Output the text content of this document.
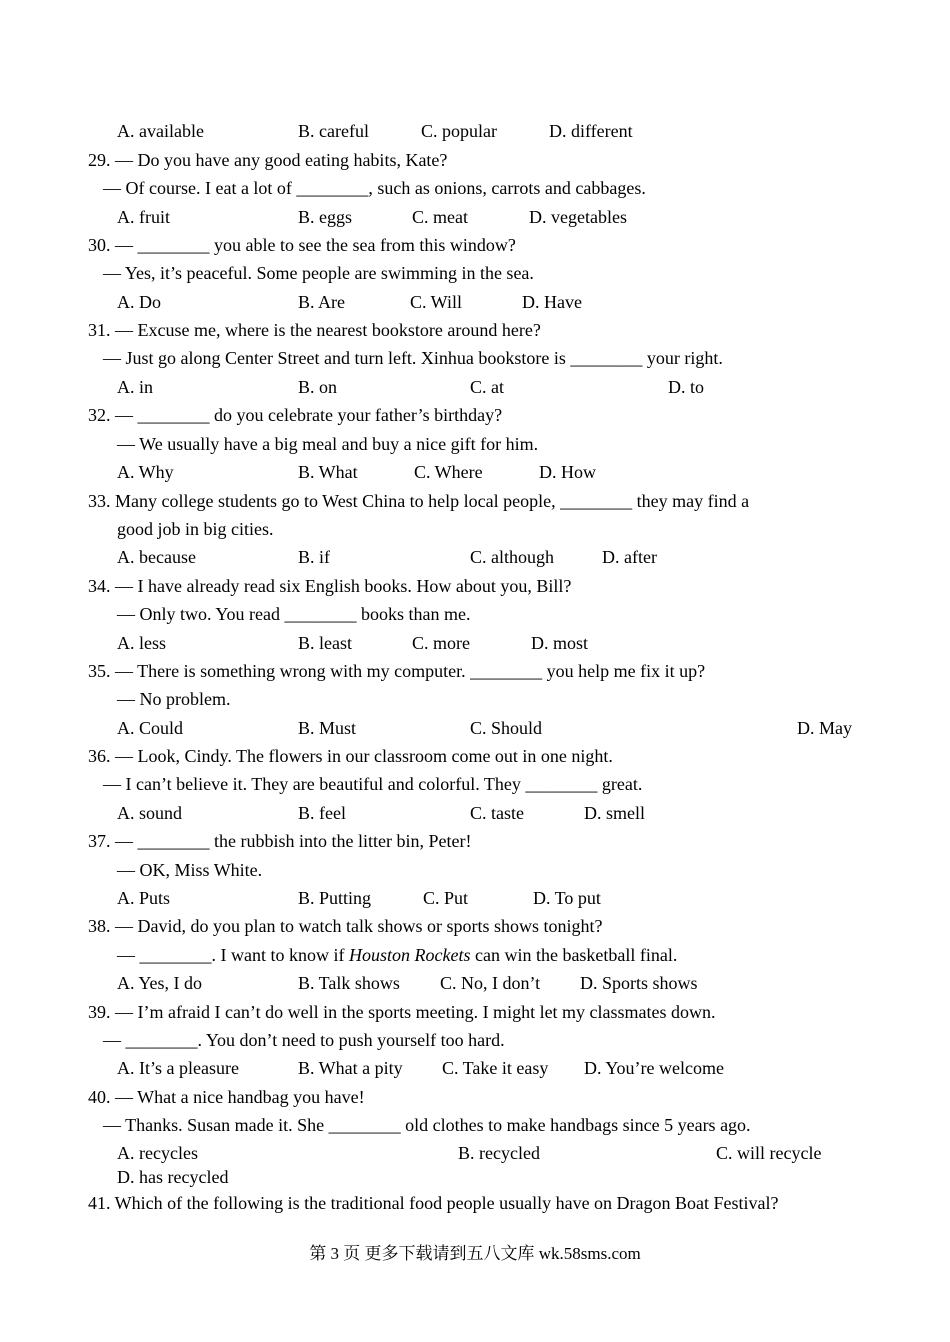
A. available	B. careful	C. popular	D. different
29. — Do you have any good eating habits, Kate?
— Of course. I eat a lot of ________, such as onions, carrots and cabbages.
A. fruit	B. eggs	C. meat	D. vegetables
30. — ________ you able to see the sea from this window?
— Yes, it’s peaceful. Some people are swimming in the sea.
A. Do	B. Are	C. Will	D. Have
31. — Excuse me, where is the nearest bookstore around here?
— Just go along Center Street and turn left. Xinhua bookstore is ________ your right.
A. in	B. on	C. at	D. to
32. — ________ do you celebrate your father’s birthday?
— We usually have a big meal and buy a nice gift for him.
A. Why	B. What	C. Where	D. How
33. Many college students go to West China to help local people, ________ they may find a
good job in big cities.
A. because	B. if	C. although	D. after
34. — I have already read six English books. How about you, Bill?
— Only two. You read ________ books than me.
A. less	B. least	C. more	D. most
35. — There is something wrong with my computer. ________ you help me fix it up?
— No problem.
A. Could	B. Must	C. Should	D. May
36. — Look, Cindy. The flowers in our classroom come out in one night.
— I can’t believe it. They are beautiful and colorful. They ________ great.
A. sound	B. feel	C. taste	D. smell
37. — ________ the rubbish into the litter bin, Peter!
— OK, Miss White.
A. Puts	B. Putting	C. Put	D. To put
38. — David, do you plan to watch talk shows or sports shows tonight?
— ________. I want to know if Houston Rockets can win the basketball final.
A. Yes, I do	B. Talk shows C. No, I don’t D. Sports shows
39. — I’m afraid I can’t do well in the sports meeting. I might let my classmates down.
— ________. You don’t need to push yourself too hard.
A. It’s a pleasure	B. What a pity C. Take it easy D. You’re welcome
40. — What a nice handbag you have!
— Thanks. Susan made it. She ________ old clothes to make handbags since 5 years ago.
A. recycles	B. recycled	C. will recycle
D. has recycled
41. Which of the following is the traditional food people usually have on Dragon Boat Festival?
第 3 页 更多下载请到五八文库 wk.58sms.com
